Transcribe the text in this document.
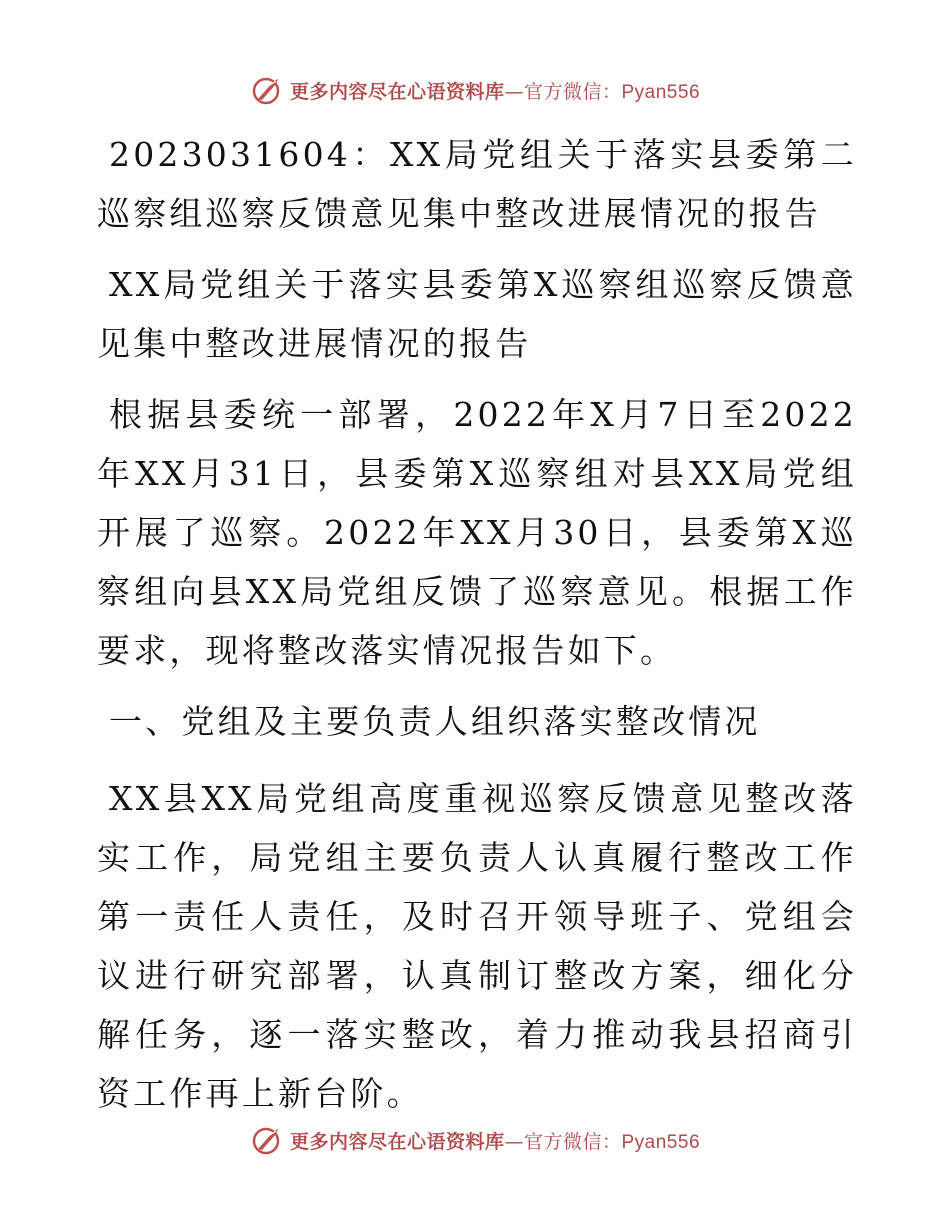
更多内容尽在心语资料库—官方微信：Pyan556

2023031604：XX局党组关于落实县委第二巡察组巡察反馈意见集中整改进展情况的报告

XX局党组关于落实县委第X巡察组巡察反馈意见集中整改进展情况的报告

根据县委统一部署，2022年X月7日至2022年XX月31日，县委第X巡察组对县XX局党组开展了巡察。2022年XX月30日，县委第X巡察组向县XX局党组反馈了巡察意见。根据工作要求，现将整改落实情况报告如下。

一、党组及主要负责人组织落实整改情况

XX县XX局党组高度重视巡察反馈意见整改落实工作，局党组主要负责人认真履行整改工作第一责任人责任，及时召开领导班子、党组会议进行研究部署，认真制订整改方案，细化分解任务，逐一落实整改，着力推动我县招商引资工作再上新台阶。

更多内容尽在心语资料库—官方微信：Pyan556
